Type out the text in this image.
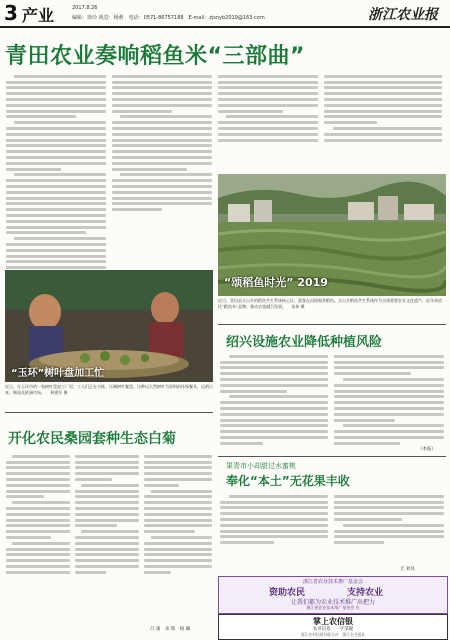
3 产业	2017.8.26
编辑：徐玲 视觉：杨莉　电话：0571-86757188　E-mail：zjsnyb2019@163.com	浙江农业报
青田农业奏响稻鱼米“三部曲”
“颂稻鱼时光” 2019
近日，青田县方山乡的稻鱼共生系统核心区，游客在田间观赏稻鱼。方山乡稻鱼共生系统作为全球重要农业文化遗产，近年来依托“稻鱼米”品牌，推动农旅融合发展。 张伟 摄
“玉环”树叶盘加工忙
近日，在玉环市的一家树叶盘加工厂里，工人们正在分拣、压制树叶餐盘。这种以天然树叶为原料的环保餐具，远销日本、韩国及欧洲市场。 林建军 摄
绍兴设施农业降低种植风险
（本报）
果青市小却甜过水蜜桃
奉化“本土”无花果丰收
丘 刘岚
开化农民桑园套种生态白菊
吕 蒲　朱 辉　杨 曦
浙江省农业技术推广基金会
资助农民	支持农业
让我们都为农业技术推广出把力
浙江省农业技术推广基金会 宣
掌上农信银
农业信息　一手掌握
浙江农村信用社联合社 · 浙江农业报社
